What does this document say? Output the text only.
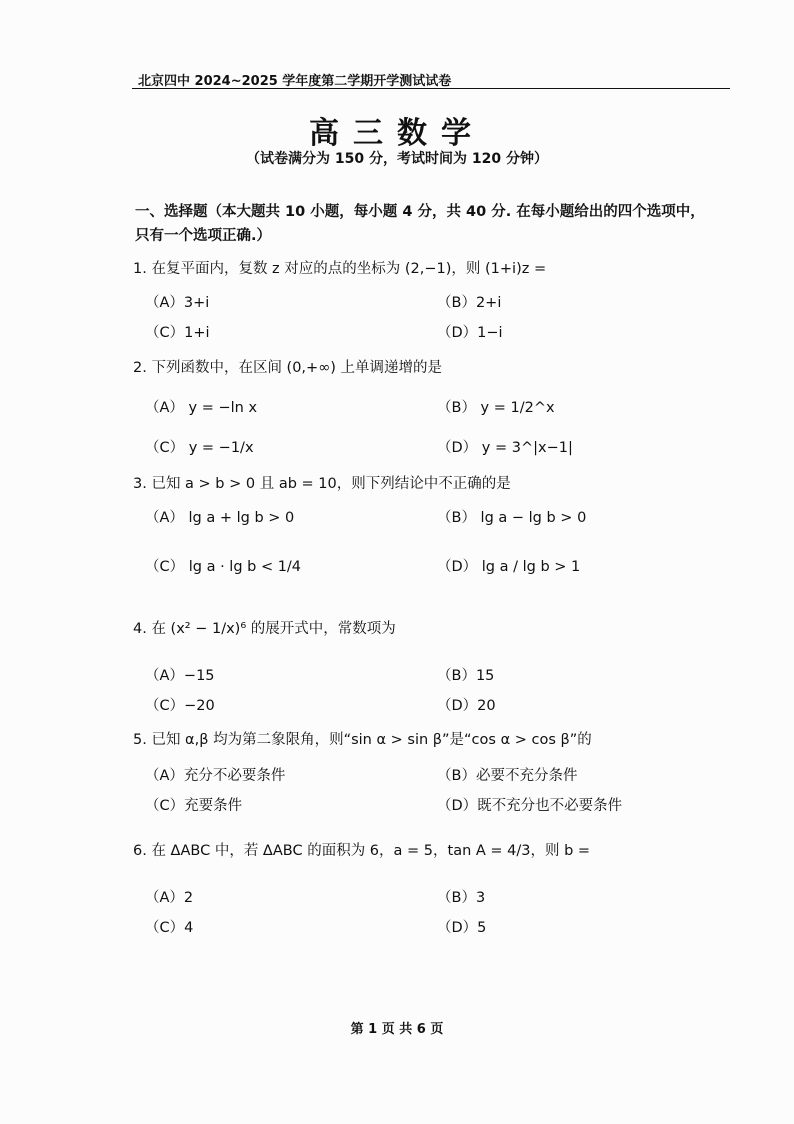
北京四中 2024~2025 学年度第二学期开学测试试卷
高三数学
（试卷满分为 150 分，考试时间为 120 分钟）
一、选择题（本大题共 10 小题，每小题 4 分，共 40 分. 在每小题给出的四个选项中，
只有一个选项正确.）
1. 在复平面内，复数 z 对应的点的坐标为 (2,−1)，则 (1+i)z =
（A）3+i	（B）2+i
（C）1+i	（D）1−i
2. 下列函数中，在区间 (0,+∞) 上单调递增的是
（A） y = −ln x	（B） y = 1/2^x
（C） y = −1/x	（D） y = 3^|x−1|
3. 已知 a > b > 0 且 ab = 10，则下列结论中不正确的是
（A） lg a + lg b > 0	（B） lg a − lg b > 0
（C） lg a · lg b < 1/4	（D） lg a / lg b > 1
4. 在 (x² − 1/x)⁶ 的展开式中，常数项为
（A）−15	（B）15
（C）−20	（D）20
5. 已知 α,β 均为第二象限角，则“sin α > sin β”是“cos α > cos β”的
（A）充分不必要条件	（B）必要不充分条件
（C）充要条件	（D）既不充分也不必要条件
6. 在 ΔABC 中，若 ΔABC 的面积为 6，a = 5，tan A = 4/3，则 b =
（A）2	（B）3
（C）4	（D）5
第 1 页 共 6 页
